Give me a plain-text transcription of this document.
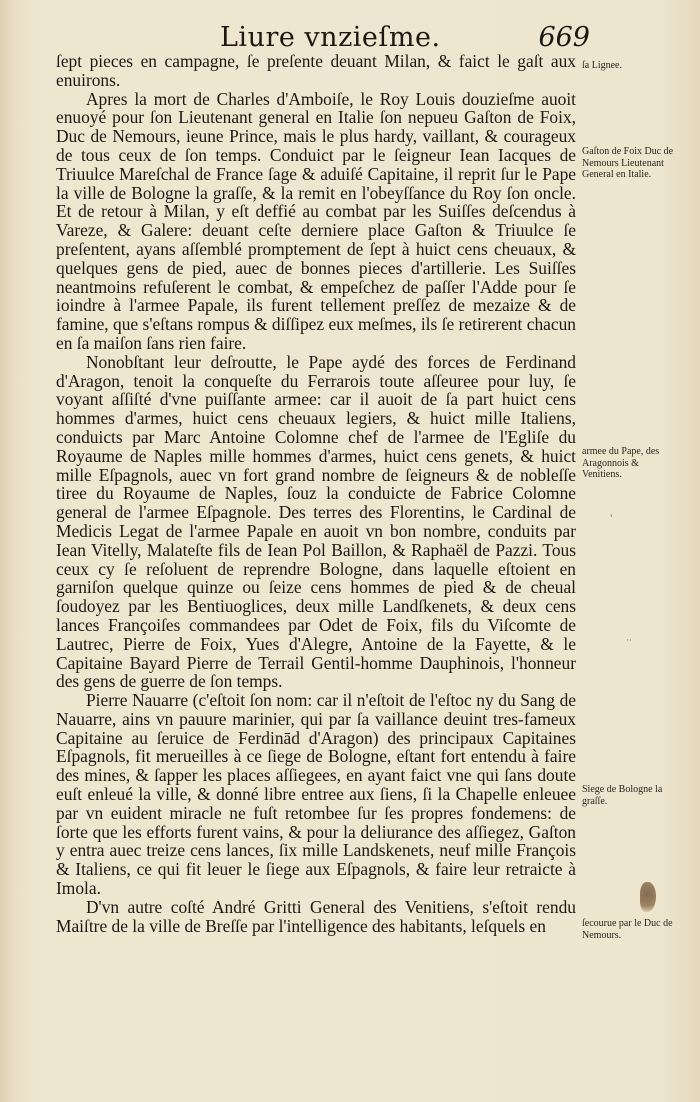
Liure vnzieſme.	669

ſept pieces en campagne, ſe preſente deuant Milan, & faict le gaſt aux enuirons.

Apres la mort de Charles d'Amboiſe, le Roy Louis douzieſme auoit enuoyé pour ſon Lieutenant general en Italie ſon nepueu Gaſton de Foix, Duc de Nemours, ieune Prince, mais le plus hardy, vaillant, & courageux de tous ceux de ſon temps. Conduict par le ſeigneur Iean Iacques de Triuulce Mareſchal de France ſage & aduiſé Capitaine, il reprit ſur le Pape la ville de Bologne la graſſe, & la remit en l'obeyſſance du Roy ſon oncle. Et de retour à Milan, y eſt deffié au combat par les Suiſſes deſcendus à Vareze, & Galere: deuant ceſte derniere place Gaſton & Triuulce ſe preſentent, ayans aſſemblé promptement de ſept à huict cens cheuaux, & quelques gens de pied, auec de bonnes pieces d'artillerie. Les Suiſſes neantmoins refuſerent le combat, & empeſchez de paſſer l'Adde pour ſe ioindre à l'armee Papale, ils furent tellement preſſez de mezaize & de famine, que s'eſtans rompus & diſſipez eux meſmes, ils ſe retirerent chacun en ſa maiſon ſans rien faire.

Nonobſtant leur deſroutte, le Pape aydé des forces de Ferdinand d'Aragon, tenoit la conqueſte du Ferrarois toute aſſeuree pour luy, ſe voyant aſſiſté d'vne puiſſante armee: car il auoit de ſa part huict cens hommes d'armes, huict cens cheuaux legiers, & huict mille Italiens, conduicts par Marc Antoine Colomne chef de l'armee de l'Egliſe du Royaume de Naples mille hommes d'armes, huict cens genets, & huict mille Eſpagnols, auec vn fort grand nombre de ſeigneurs & de nobleſſe tiree du Royaume de Naples, ſouz la conduicte de Fabrice Colomne general de l'armee Eſpagnole. Des terres des Florentins, le Cardinal de Medicis Legat de l'armee Papale en auoit vn bon nombre, conduits par Iean Vitelly, Malateſte fils de Iean Pol Baillon, & Raphaël de Pazzi. Tous ceux cy ſe reſoluent de reprendre Bologne, dans laquelle eſtoient en garniſon quelque quinze ou ſeize cens hommes de pied & de cheual ſoudoyez par les Bentiuoglices, deux mille Landſkenets, & deux cens lances Françoiſes commandees par Odet de Foix, fils du Viſcomte de Lautrec, Pierre de Foix, Yues d'Alegre, Antoine de la Fayette, & le Capitaine Bayard Pierre de Terrail Gentil-homme Dauphinois, l'honneur des gens de guerre de ſon temps.

Pierre Nauarre (c'eſtoit ſon nom: car il n'eſtoit de l'eſtoc ny du Sang de Nauarre, ains vn pauure marinier, qui par ſa vaillance deuint tres-fameux Capitaine au ſeruice de Ferdinād d'Aragon) des principaux Capitaines Eſpagnols, fit merueilles à ce ſiege de Bologne, eſtant fort entendu à faire des mines, & ſapper les places aſſiegees, en ayant faict vne qui ſans doute euſt enleué la ville, & donné libre entree aux ſiens, ſi la Chapelle enleuee par vn euident miracle ne fuſt retombee ſur ſes propres fondemens: de ſorte que les efforts furent vains, & pour la deliurance des aſſiegez, Gaſton y entra auec treize cens lances, ſix mille Landskenets, neuf mille François & Italiens, ce qui fit leuer le ſiege aux Eſpagnols, & faire leur retraicte à Imola.

D'vn autre coſté André Gritti General des Venitiens, s'eſtoit rendu Maiſtre de la ville de Breſſe par l'intelligence des habitants, leſquels en

ſa Lignee.
Gaſton de Foix Duc de Nemours Lieutenant General en Italie.
armee du Pape, des Aragonnois & Venitiens.
Siege de Bologne la graſſe.
ſecourue par le Duc de Nemours.
··
'
